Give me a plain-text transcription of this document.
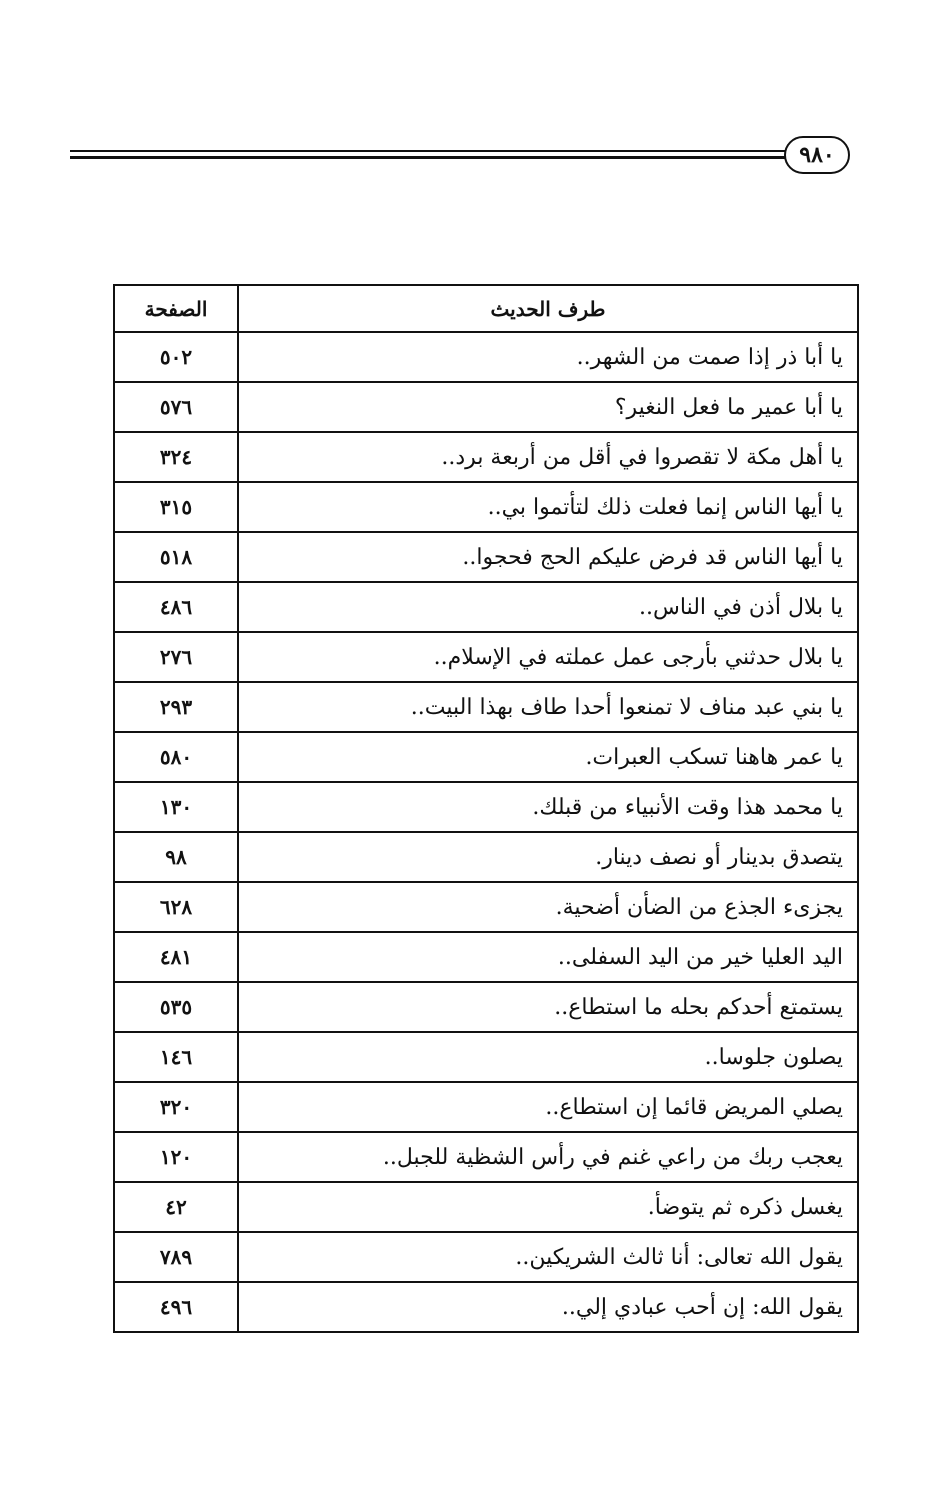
٩٨٠
طرف الحديث	الصفحة
يا أبا ذر إذا صمت من الشهر..	٥٠٢
يا أبا عمير ما فعل النغير؟	٥٧٦
يا أهل مكة لا تقصروا في أقل من أربعة برد..	٣٢٤
يا أيها الناس إنما فعلت ذلك لتأتموا بي..	٣١٥
يا أيها الناس قد فرض عليكم الحج فحجوا..	٥١٨
يا بلال أذن في الناس..	٤٨٦
يا بلال حدثني بأرجى عمل عملته في الإسلام..	٢٧٦
يا بني عبد مناف لا تمنعوا أحدا طاف بهذا البيت..	٢٩٣
يا عمر هاهنا تسكب العبرات.	٥٨٠
يا محمد هذا وقت الأنبياء من قبلك.	١٣٠
يتصدق بدينار أو نصف دينار.	٩٨
يجزىء الجذع من الضأن أضحية.	٦٢٨
اليد العليا خير من اليد السفلى..	٤٨١
يستمتع أحدكم بحله ما استطاع..	٥٣٥
يصلون جلوسا..	١٤٦
يصلي المريض قائما إن استطاع..	٣٢٠
يعجب ربك من راعي غنم في رأس الشظية للجبل..	١٢٠
يغسل ذكره ثم يتوضأ.	٤٢
يقول الله تعالى: أنا ثالث الشريكين..	٧٨٩
يقول الله: إن أحب عبادي إلي..	٤٩٦
